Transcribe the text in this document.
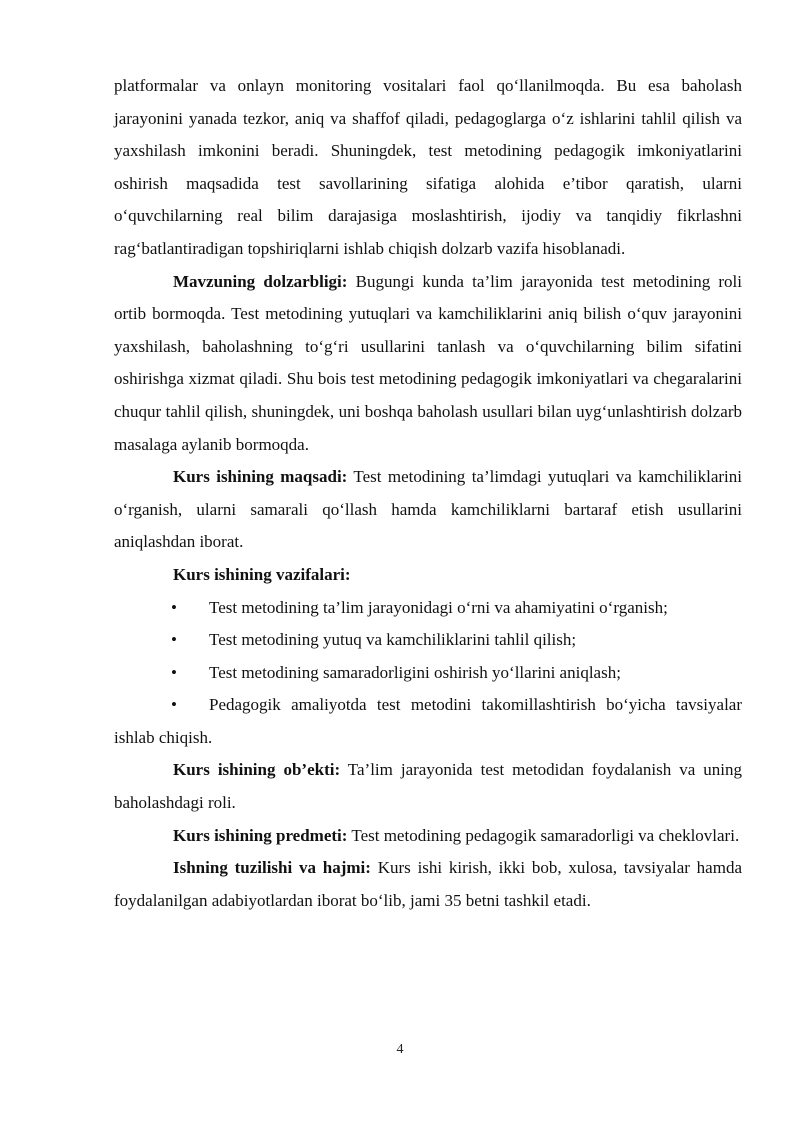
platformalar va onlayn monitoring vositalari faol qo‘llanilmoqda. Bu esa baholash jarayonini yanada tezkor, aniq va shaffof qiladi, pedagoglarga o‘z ishlarini tahlil qilish va yaxshilash imkonini beradi. Shuningdek, test metodining pedagogik imkoniyatlarini oshirish maqsadida test savollarining sifatiga alohida e’tibor qaratish, ularni o‘quvchilarning real bilim darajasiga moslashtirish, ijodiy va tanqidiy fikrlashni rag‘batlantiradigan topshiriqlarni ishlab chiqish dolzarb vazifa hisoblanadi.

Mavzuning dolzarbligi: Bugungi kunda ta’lim jarayonida test metodining roli ortib bormoqda. Test metodining yutuqlari va kamchiliklarini aniq bilish o‘quv jarayonini yaxshilash, baholashning to‘g‘ri usullarini tanlash va o‘quvchilarning bilim sifatini oshirishga xizmat qiladi. Shu bois test metodining pedagogik imkoniyatlari va chegaralarini chuqur tahlil qilish, shuningdek, uni boshqa baholash usullari bilan uyg‘unlashtirish dolzarb masalaga aylanib bormoqda.

Kurs ishining maqsadi: Test metodining ta’limdagi yutuqlari va kamchiliklarini o‘rganish, ularni samarali qo‘llash hamda kamchiliklarni bartaraf etish usullarini aniqlashdan iborat.

Kurs ishining vazifalari:

• Test metodining ta’lim jarayonidagi o‘rni va ahamiyatini o‘rganish;

• Test metodining yutuq va kamchiliklarini tahlil qilish;

• Test metodining samaradorligini oshirish yo‘llarini aniqlash;

• Pedagogik amaliyotda test metodini takomillashtirish bo‘yicha tavsiyalar ishlab chiqish.

Kurs ishining ob’ekti: Ta’lim jarayonida test metodidan foydalanish va uning baholashdagi roli.

Kurs ishining predmeti: Test metodining pedagogik samaradorligi va cheklovlari.

Ishning tuzilishi va hajmi: Kurs ishi kirish, ikki bob, xulosa, tavsiyalar hamda foydalanilgan adabiyotlardan iborat bo‘lib, jami 35 betni tashkil etadi.

4
